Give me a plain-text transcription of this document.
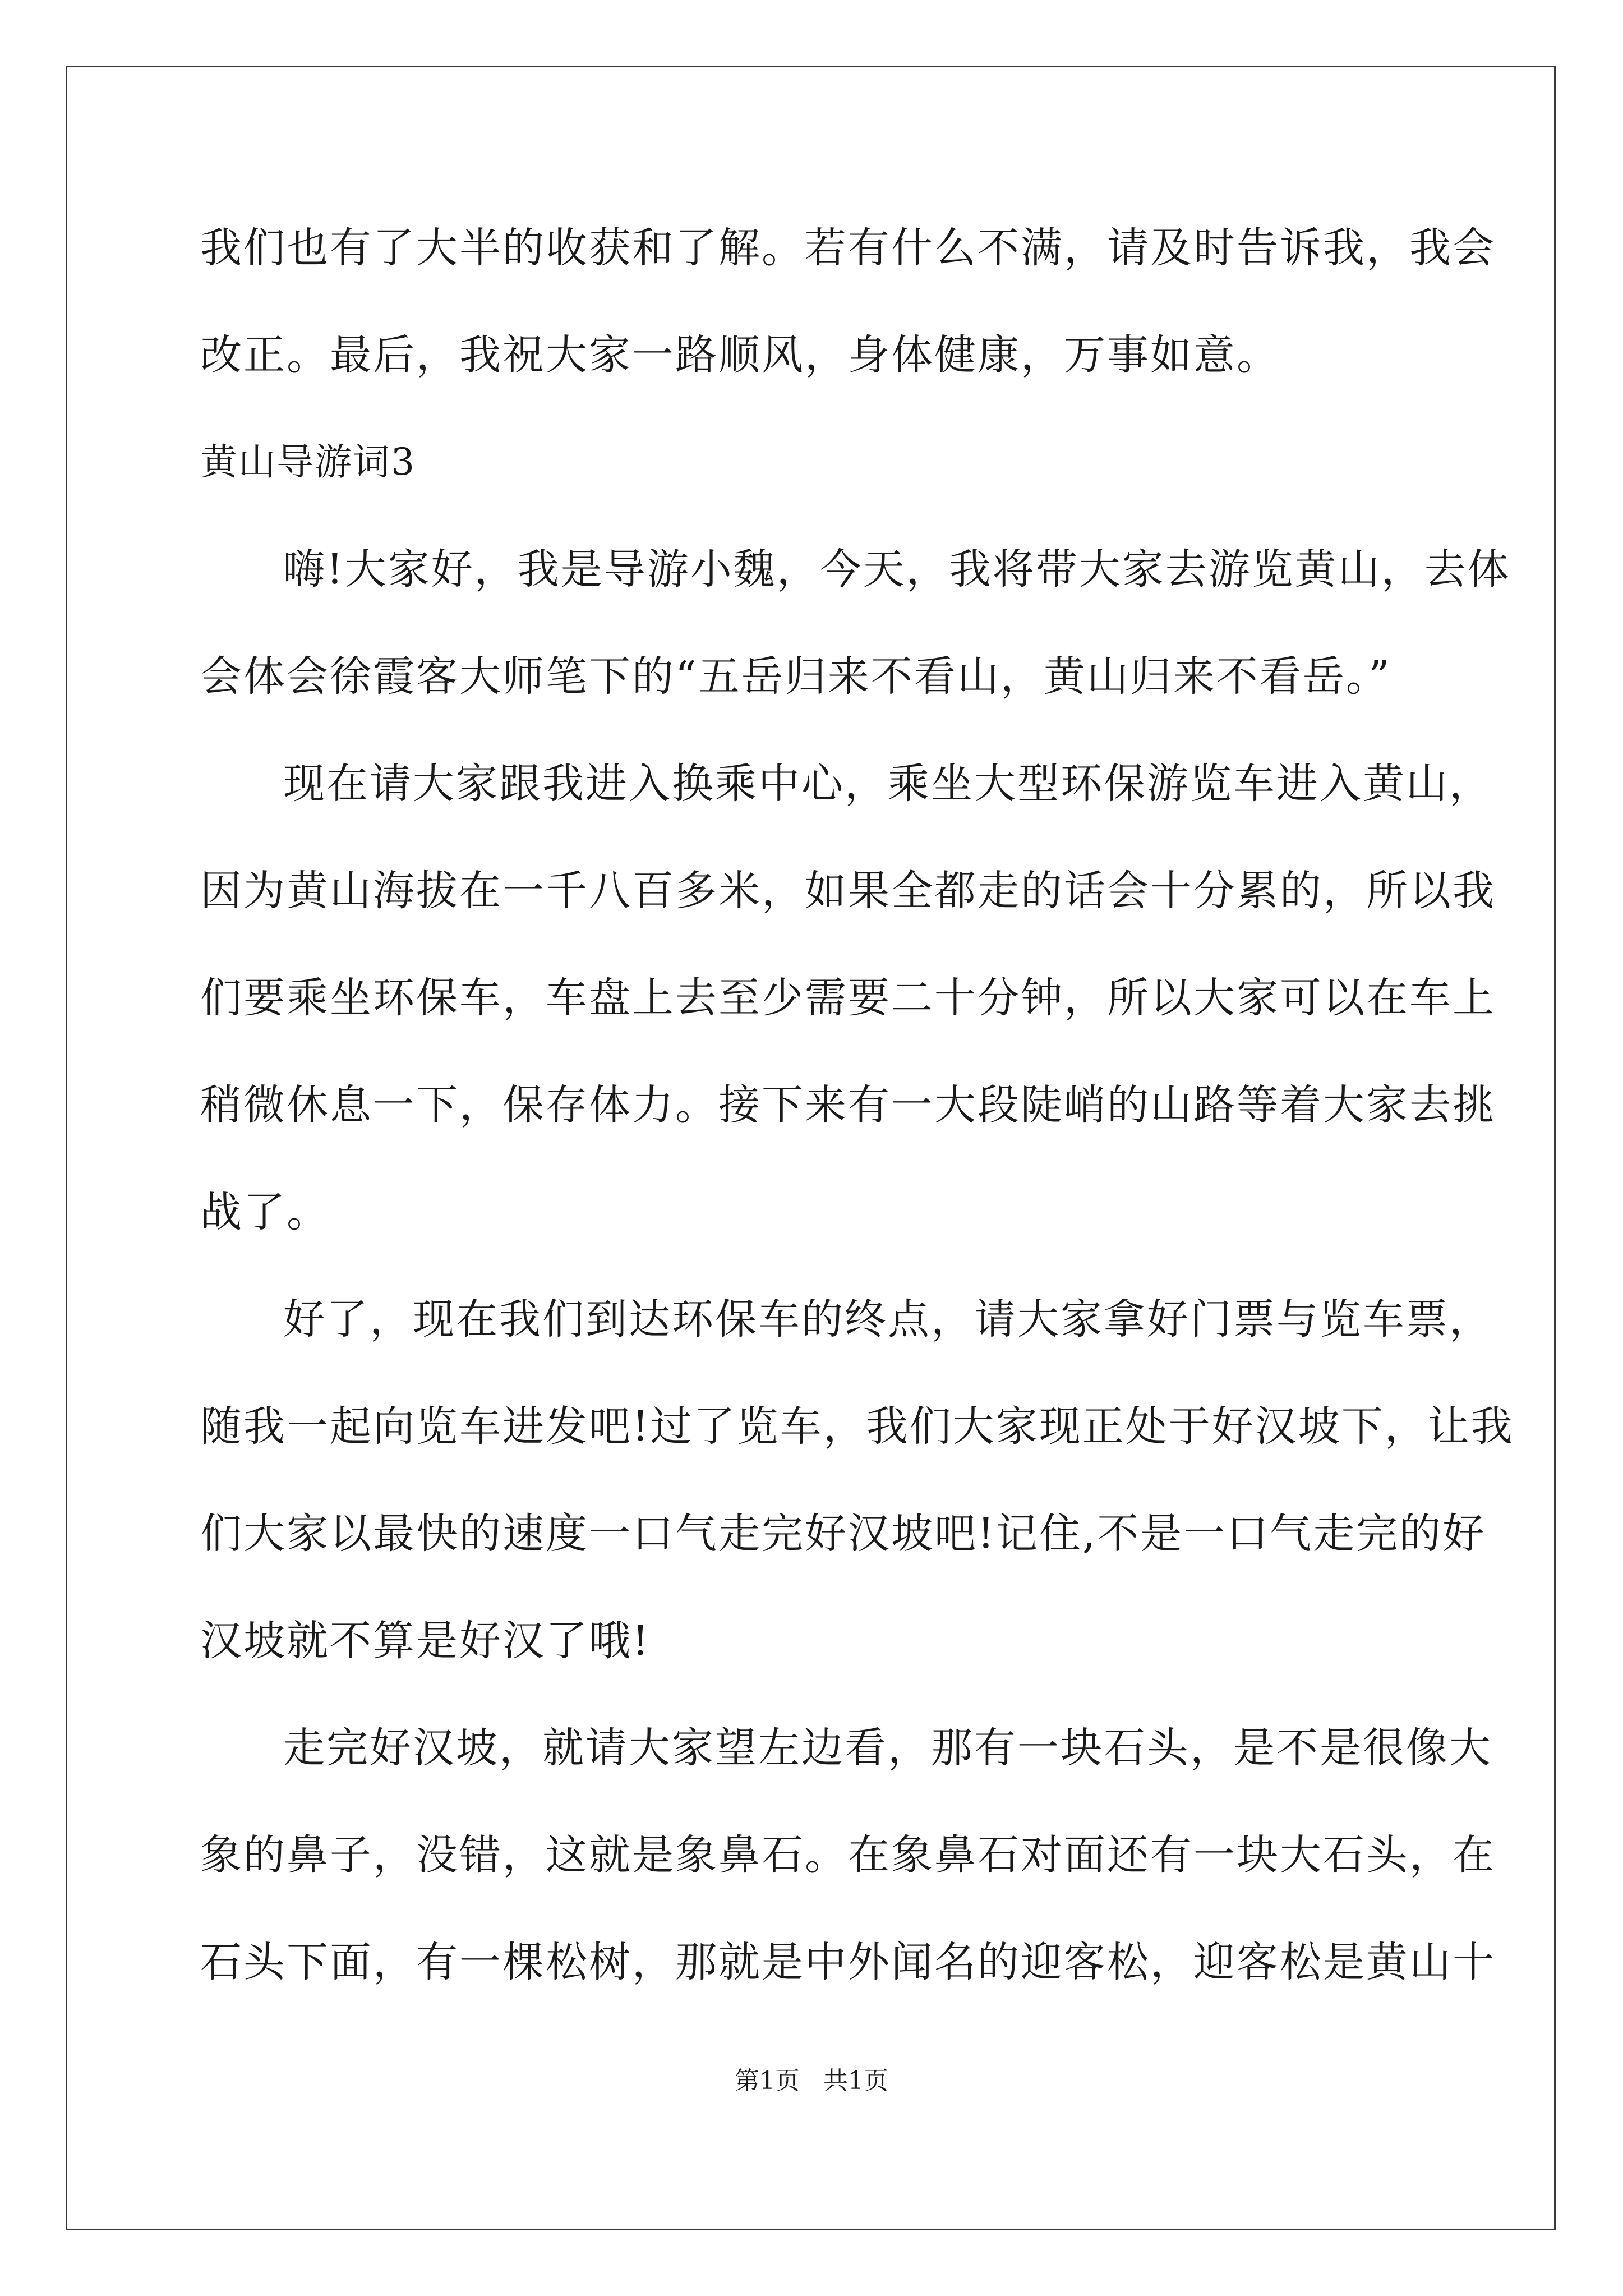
我们也有了大半的收获和了解。若有什么不满，请及时告诉我，我会
改正。最后，我祝大家一路顺风，身体健康，万事如意。
黄山导游词3
嗨!大家好，我是导游小魏，今天，我将带大家去游览黄山，去体
会体会徐霞客大师笔下的“五岳归来不看山，黄山归来不看岳。”
现在请大家跟我进入换乘中心，乘坐大型环保游览车进入黄山，
因为黄山海拔在一千八百多米，如果全都走的话会十分累的，所以我
们要乘坐环保车，车盘上去至少需要二十分钟，所以大家可以在车上
稍微休息一下，保存体力。接下来有一大段陡峭的山路等着大家去挑
战了。
好了，现在我们到达环保车的终点，请大家拿好门票与览车票，
随我一起向览车进发吧!过了览车，我们大家现正处于好汉坡下，让我
们大家以最快的速度一口气走完好汉坡吧!记住,不是一口气走完的好
汉坡就不算是好汉了哦!
走完好汉坡，就请大家望左边看，那有一块石头，是不是很像大
象的鼻子，没错，这就是象鼻石。在象鼻石对面还有一块大石头，在
石头下面，有一棵松树，那就是中外闻名的迎客松，迎客松是黄山十
第1页   共1页
